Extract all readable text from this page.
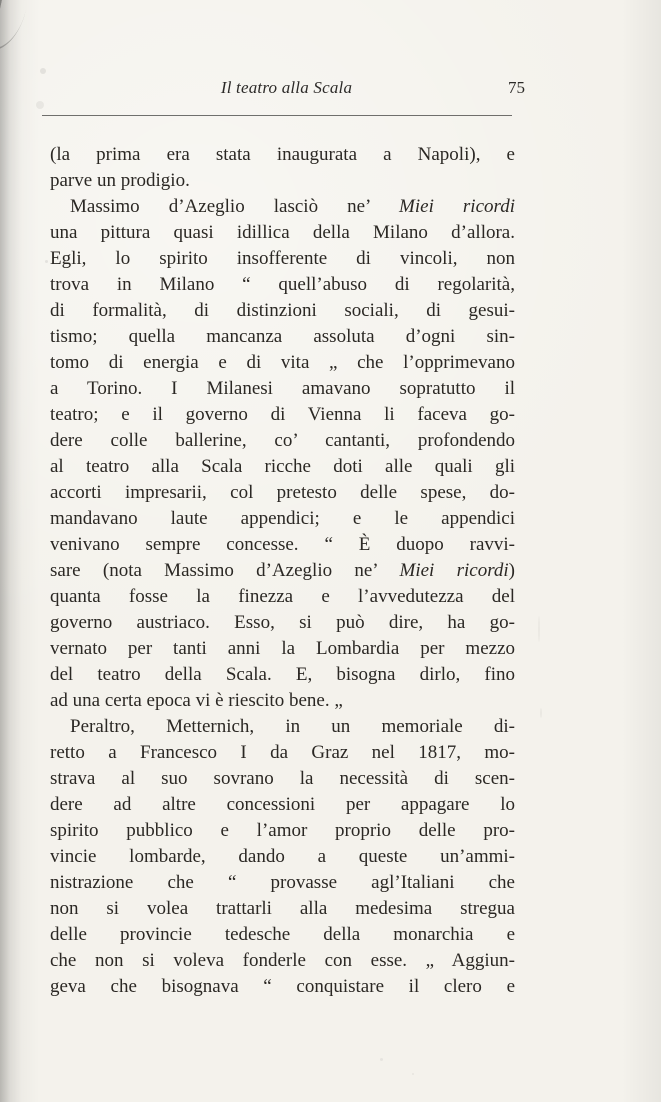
Il teatro alla Scala	75
(la prima era stata inaugurata a Napoli), e
parve un prodigio.
Massimo d’Azeglio lasciò ne’ Miei ricordi
una pittura quasi idillica della Milano d’allora.
Egli, lo spirito insofferente di vincoli, non
trova in Milano “ quell’abuso di regolarità,
di formalità, di distinzioni sociali, di gesui-
tismo; quella mancanza assoluta d’ogni sin-
tomo di energia e di vita „ che l’opprimevano
a Torino. I Milanesi amavano sopratutto il
teatro; e il governo di Vienna li faceva go-
dere colle ballerine, co’ cantanti, profondendo
al teatro alla Scala ricche doti alle quali gli
accorti impresarii, col pretesto delle spese, do-
mandavano laute appendici; e le appendici
venivano sempre concesse. “ È duopo ravvi-
sare (nota Massimo d’Azeglio ne’ Miei ricordi)
quanta fosse la finezza e l’avvedutezza del
governo austriaco. Esso, si può dire, ha go-
vernato per tanti anni la Lombardia per mezzo
del teatro della Scala. E, bisogna dirlo, fino
ad una certa epoca vi è riescito bene. „
Peraltro, Metternich, in un memoriale di-
retto a Francesco I da Graz nel 1817, mo-
strava al suo sovrano la necessità di scen-
dere ad altre concessioni per appagare lo
spirito pubblico e l’amor proprio delle pro-
vincie lombarde, dando a queste un’ammi-
nistrazione che “ provasse agl’Italiani che
non si volea trattarli alla medesima stregua
delle provincie tedesche della monarchia e
che non si voleva fonderle con esse. „ Aggiun-
geva che bisognava “ conquistare il clero e
